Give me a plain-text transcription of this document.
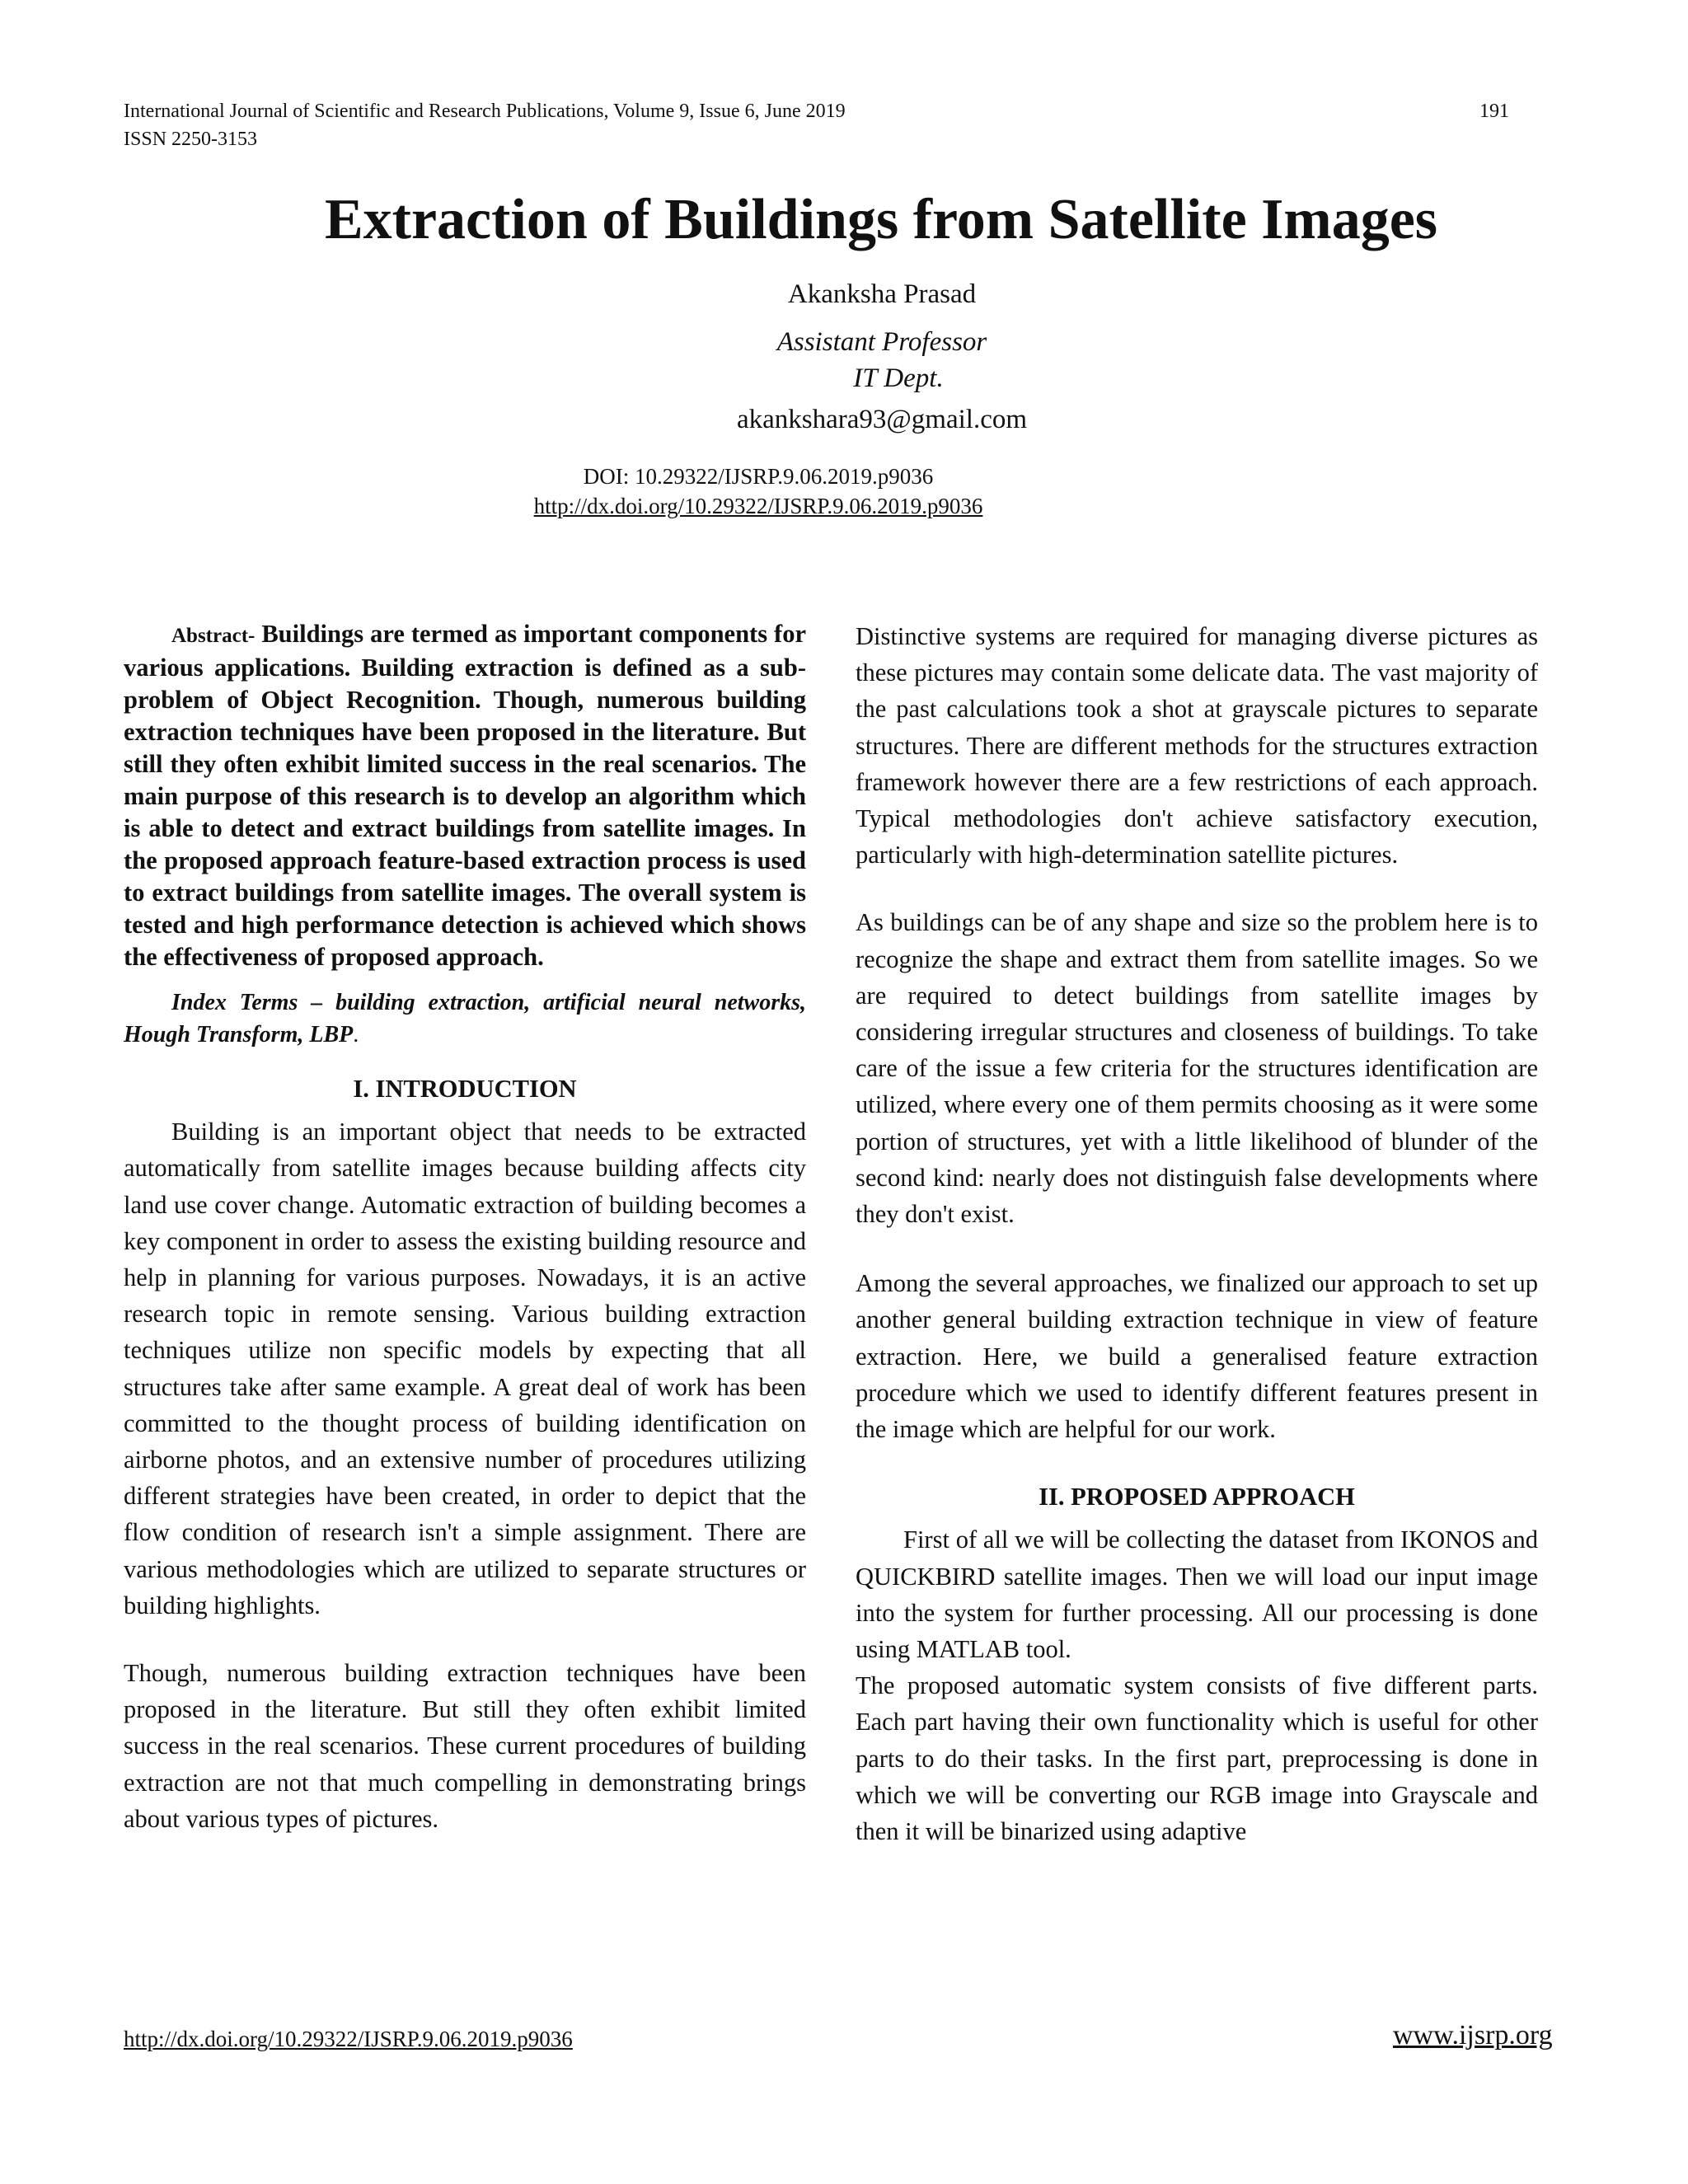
International Journal of Scientific and Research Publications, Volume 9, Issue 6, June 2019
ISSN 2250-3153
191
Extraction of Buildings from Satellite Images
Akanksha Prasad
Assistant Professor
IT Dept.
akankshara93@gmail.com
DOI: 10.29322/IJSRP.9.06.2019.p9036
http://dx.doi.org/10.29322/IJSRP.9.06.2019.p9036

Abstract- Buildings are termed as important components for various applications. Building extraction is defined as a sub-problem of Object Recognition. Though, numerous building extraction techniques have been proposed in the literature. But still they often exhibit limited success in the real scenarios. The main purpose of this research is to develop an algorithm which is able to detect and extract buildings from satellite images. In the proposed approach feature-based extraction process is used to extract buildings from satellite images. The overall system is tested and high performance detection is achieved which shows the effectiveness of proposed approach.

Index Terms – building extraction, artificial neural networks, Hough Transform, LBP.

I. INTRODUCTION

Building is an important object that needs to be extracted automatically from satellite images because building affects city land use cover change. Automatic extraction of building becomes a key component in order to assess the existing building resource and help in planning for various purposes. Nowadays, it is an active research topic in remote sensing. Various building extraction techniques utilize non specific models by expecting that all structures take after same example. A great deal of work has been committed to the thought process of building identification on airborne photos, and an extensive number of procedures utilizing different strategies have been created, in order to depict that the flow condition of research isn't a simple assignment. There are various methodologies which are utilized to separate structures or building highlights.

Though, numerous building extraction techniques have been proposed in the literature. But still they often exhibit limited success in the real scenarios. These current procedures of building extraction are not that much compelling in demonstrating brings about various types of pictures.

Distinctive systems are required for managing diverse pictures as these pictures may contain some delicate data. The vast majority of the past calculations took a shot at grayscale pictures to separate structures. There are different methods for the structures extraction framework however there are a few restrictions of each approach. Typical methodologies don't achieve satisfactory execution, particularly with high-determination satellite pictures.

As buildings can be of any shape and size so the problem here is to recognize the shape and extract them from satellite images. So we are required to detect buildings from satellite images by considering irregular structures and closeness of buildings. To take care of the issue a few criteria for the structures identification are utilized, where every one of them permits choosing as it were some portion of structures, yet with a little likelihood of blunder of the second kind: nearly does not distinguish false developments where they don't exist.

Among the several approaches, we finalized our approach to set up another general building extraction technique in view of feature extraction. Here, we build a generalised feature extraction procedure which we used to identify different features present in the image which are helpful for our work.

II. PROPOSED APPROACH

First of all we will be collecting the dataset from IKONOS and QUICKBIRD satellite images. Then we will load our input image into the system for further processing. All our processing is done using MATLAB tool.

The proposed automatic system consists of five different parts. Each part having their own functionality which is useful for other parts to do their tasks. In the first part, preprocessing is done in which we will be converting our RGB image into Grayscale and then it will be binarized using adaptive

http://dx.doi.org/10.29322/IJSRP.9.06.2019.p9036	www.ijsrp.org
